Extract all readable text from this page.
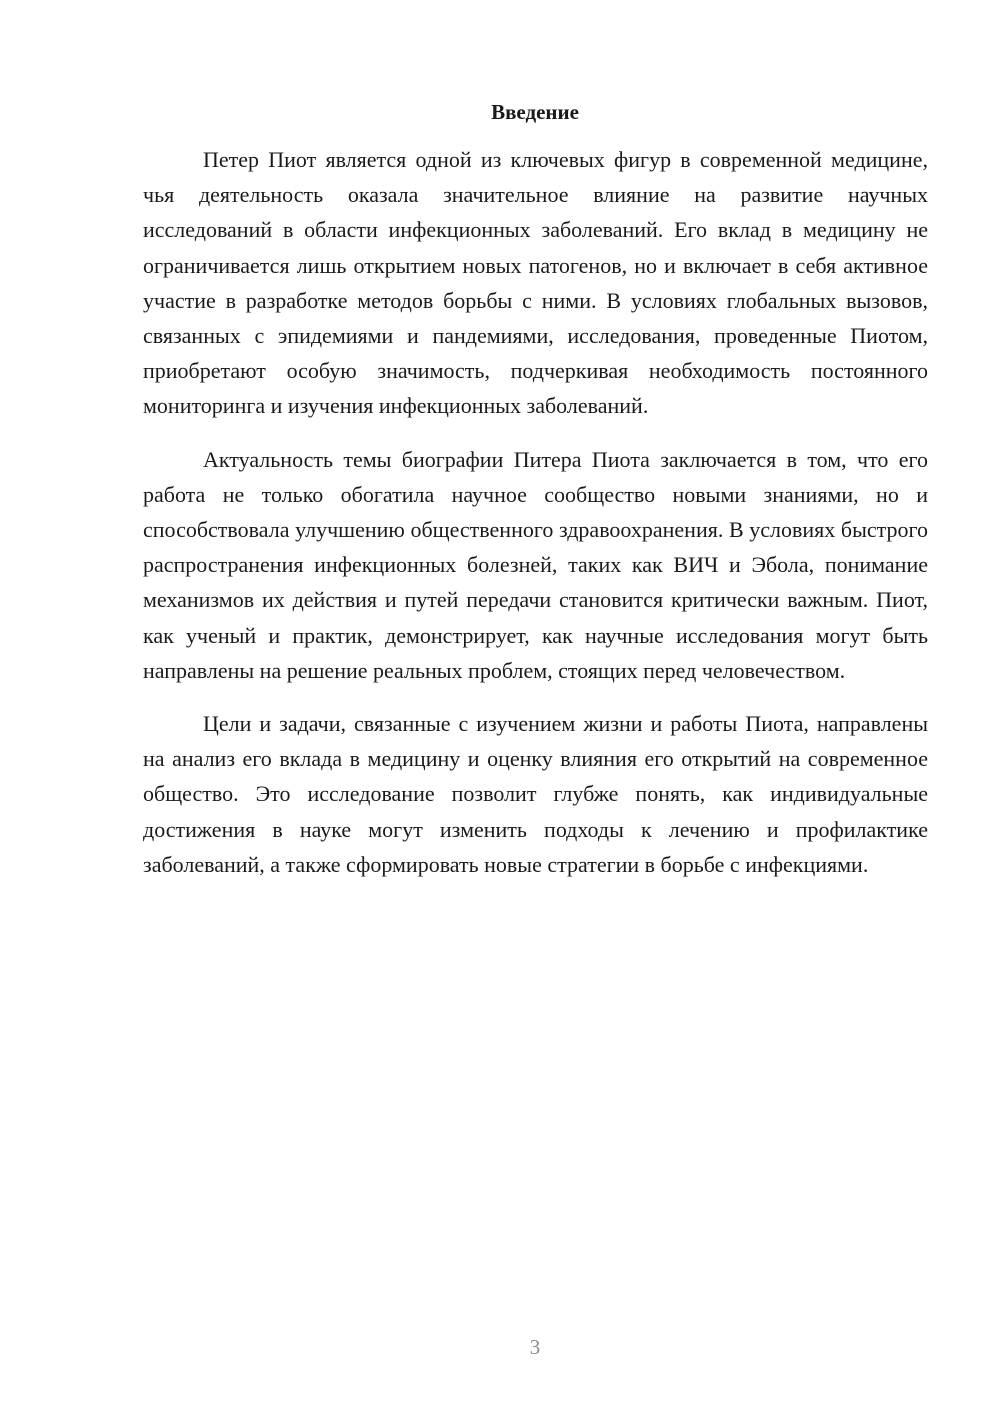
Введение

Петер Пиот является одной из ключевых фигур в современной медицине, чья деятельность оказала значительное влияние на развитие научных исследований в области инфекционных заболеваний. Его вклад в медицину не ограничивается лишь открытием новых патогенов, но и включает в себя активное участие в разработке методов борьбы с ними. В условиях глобальных вызовов, связанных с эпидемиями и пандемиями, исследования, проведенные Пиотом, приобретают особую значимость, подчеркивая необходимость постоянного мониторинга и изучения инфекционных заболеваний.

Актуальность темы биографии Питера Пиота заключается в том, что его работа не только обогатила научное сообщество новыми знаниями, но и способствовала улучшению общественного здравоохранения. В условиях быстрого распространения инфекционных болезней, таких как ВИЧ и Эбола, понимание механизмов их действия и путей передачи становится критически важным. Пиот, как ученый и практик, демонстрирует, как научные исследования могут быть направлены на решение реальных проблем, стоящих перед человечеством.

Цели и задачи, связанные с изучением жизни и работы Пиота, направлены на анализ его вклада в медицину и оценку влияния его открытий на современное общество. Это исследование позволит глубже понять, как индивидуальные достижения в науке могут изменить подходы к лечению и профилактике заболеваний, а также сформировать новые стратегии в борьбе с инфекциями.

3
